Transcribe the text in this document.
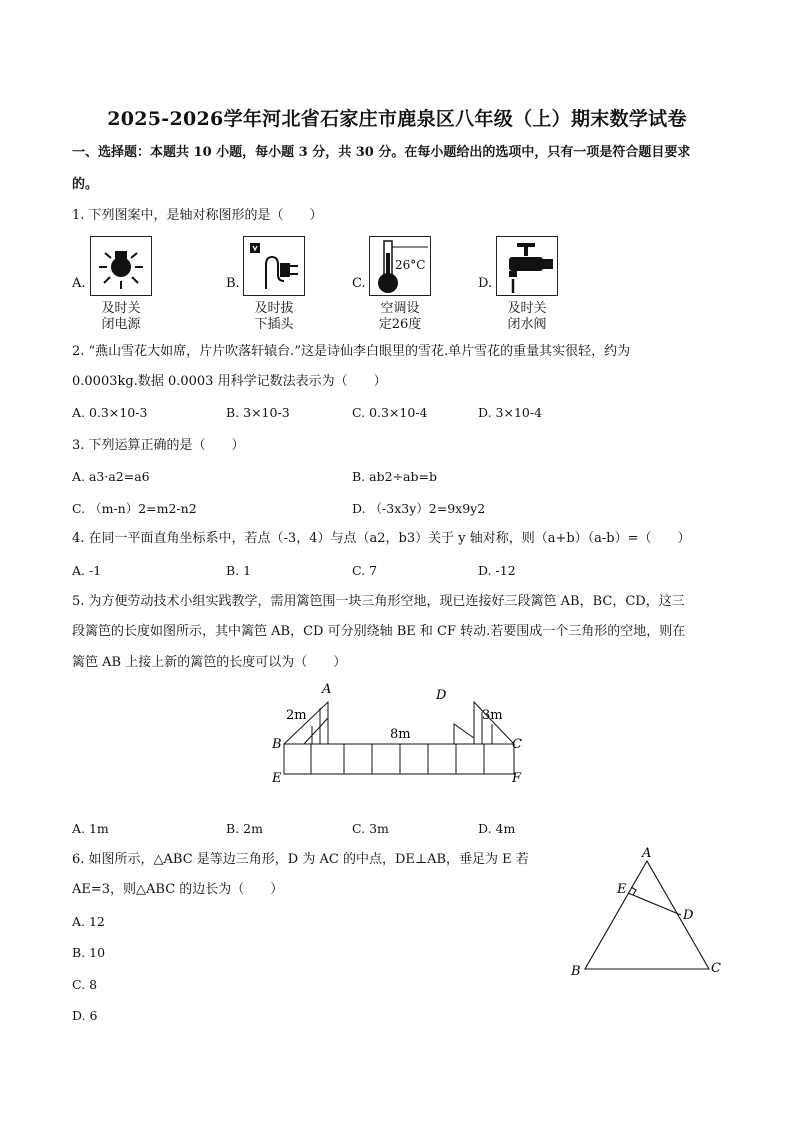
2025-2026学年河北省石家庄市鹿泉区八年级（上）期末数学试卷
一、选择题：本题共 10 小题，每小题 3 分，共 30 分。在每小题给出的选项中，只有一项是符合题目要求
的。
1. 下列图案中，是轴对称图形的是（　　）
A.
及时关
闭电源
B.
及时拔
下插头
C.
26°C
空调设
定26度
D.
及时关
闭水阀
2. “燕山雪花大如席，片片吹落轩辕台.”这是诗仙李白眼里的雪花.单片雪花的重量其实很轻，约为
0.0003kg.数据 0.0003 用科学记数法表示为（　　）
A. 0.3×10-3	B. 3×10-3	C. 0.3×10-4	D. 3×10-4
3. 下列运算正确的是（　　）
A. a3·a2=a6	B. ab2÷ab=b
C. （m-n）2=m2-n2	D. （-3x3y）2=9x9y2
4. 在同一平面直角坐标系中，若点（-3，4）与点（a2，b3）关于 y 轴对称，则（a+b）（a-b）=（　　）
A. -1	B. 1	C. 7	D. -12
5. 为方便劳动技术小组实践教学，需用篱笆围一块三角形空地，现已连接好三段篱笆 AB，BC，CD，这三
段篱笆的长度如图所示，其中篱笆 AB，CD 可分别绕轴 BE 和 CF 转动.若要围成一个三角形的空地，则在
篱笆 AB 上接上新的篱笆的长度可以为（　　）
A
B	C
D
E	F
2m
8m
3m
A. 1m	B. 2m	C. 3m	D. 4m
6. 如图所示，△ABC 是等边三角形，D 为 AC 的中点，DE⊥AB，垂足为 E 若
AE=3，则△ABC 的边长为（　　）
A. 12
B. 10
C. 8
D. 6
A
B	C
D
E
